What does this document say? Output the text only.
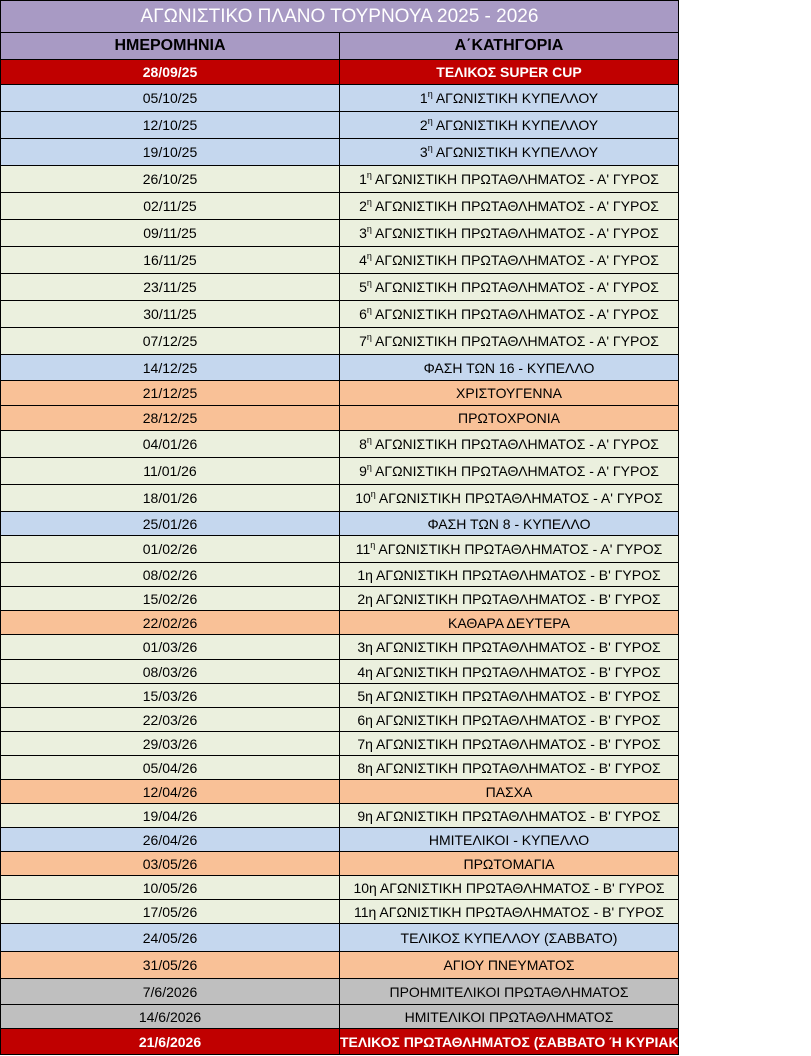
ΑΓΩΝΙΣΤΙΚΟ ΠΛΑΝΟ ΤΟΥΡΝΟΥΑ 2025 - 2026	
ΗΜΕΡΟΜΗΝΙΑ	Α΄ΚΑΤΗΓΟΡΙΑ
28/09/25	ΤΕΛΙΚΟΣ SUPER CUP
05/10/25	$1^\eta$ ΑΓΩΝΙΣΤΙΚΗ ΚΥΠΕΛΛΟΥ
12/10/25	$2^\eta$ ΑΓΩΝΙΣΤΙΚΗ ΚΥΠΕΛΛΟΥ
19/10/25	$3^\eta$ ΑΓΩΝΙΣΤΙΚΗ ΚΥΠΕΛΛΟΥ
26/10/25	$1^\eta$ ΑΓΩΝΙΣΤΙΚΗ ΠΡΩΤΑΘΛΗΜΑΤΟΣ - Α' ΓΥΡΟΣ
02/11/25	$2^\eta$ ΑΓΩΝΙΣΤΙΚΗ ΠΡΩΤΑΘΛΗΜΑΤΟΣ - Α' ΓΥΡΟΣ
09/11/25	$3^\eta$ ΑΓΩΝΙΣΤΙΚΗ ΠΡΩΤΑΘΛΗΜΑΤΟΣ - Α' ΓΥΡΟΣ
16/11/25	$4^\eta$ ΑΓΩΝΙΣΤΙΚΗ ΠΡΩΤΑΘΛΗΜΑΤΟΣ - Α' ΓΥΡΟΣ
23/11/25	$5^\eta$ ΑΓΩΝΙΣΤΙΚΗ ΠΡΩΤΑΘΛΗΜΑΤΟΣ - Α' ΓΥΡΟΣ
30/11/25	$6^\eta$ ΑΓΩΝΙΣΤΙΚΗ ΠΡΩΤΑΘΛΗΜΑΤΟΣ - Α' ΓΥΡΟΣ
07/12/25	$7^\eta$ ΑΓΩΝΙΣΤΙΚΗ ΠΡΩΤΑΘΛΗΜΑΤΟΣ - Α' ΓΥΡΟΣ
14/12/25	ΦΑΣΗ ΤΩΝ 16 - ΚΥΠΕΛΛΟ
21/12/25	ΧΡΙΣΤΟΥΓΕΝΝΑ
28/12/25	ΠΡΩΤΟΧΡΟΝΙΑ
04/01/26	$8^\eta$ ΑΓΩΝΙΣΤΙΚΗ ΠΡΩΤΑΘΛΗΜΑΤΟΣ - Α' ΓΥΡΟΣ
11/01/26	$9^\eta$ ΑΓΩΝΙΣΤΙΚΗ ΠΡΩΤΑΘΛΗΜΑΤΟΣ - Α' ΓΥΡΟΣ
18/01/26	$10^\eta$ ΑΓΩΝΙΣΤΙΚΗ ΠΡΩΤΑΘΛΗΜΑΤΟΣ - Α' ΓΥΡΟΣ
25/01/26	ΦΑΣΗ ΤΩΝ 8 - ΚΥΠΕΛΛΟ
01/02/26	$11^\eta$ ΑΓΩΝΙΣΤΙΚΗ ΠΡΩΤΑΘΛΗΜΑΤΟΣ - Α' ΓΥΡΟΣ
08/02/26	1η ΑΓΩΝΙΣΤΙΚΗ ΠΡΩΤΑΘΛΗΜΑΤΟΣ - Β' ΓΥΡΟΣ
15/02/26	2η ΑΓΩΝΙΣΤΙΚΗ ΠΡΩΤΑΘΛΗΜΑΤΟΣ - Β' ΓΥΡΟΣ
22/02/26	ΚΑΘΑΡΑ ΔΕΥΤΕΡΑ
01/03/26	3η ΑΓΩΝΙΣΤΙΚΗ ΠΡΩΤΑΘΛΗΜΑΤΟΣ - Β' ΓΥΡΟΣ
08/03/26	4η ΑΓΩΝΙΣΤΙΚΗ ΠΡΩΤΑΘΛΗΜΑΤΟΣ - Β' ΓΥΡΟΣ
15/03/26	5η ΑΓΩΝΙΣΤΙΚΗ ΠΡΩΤΑΘΛΗΜΑΤΟΣ - Β' ΓΥΡΟΣ
22/03/26	6η ΑΓΩΝΙΣΤΙΚΗ ΠΡΩΤΑΘΛΗΜΑΤΟΣ - Β' ΓΥΡΟΣ
29/03/26	7η ΑΓΩΝΙΣΤΙΚΗ ΠΡΩΤΑΘΛΗΜΑΤΟΣ - Β' ΓΥΡΟΣ
05/04/26	8η ΑΓΩΝΙΣΤΙΚΗ ΠΡΩΤΑΘΛΗΜΑΤΟΣ - Β' ΓΥΡΟΣ
12/04/26	ΠΑΣΧΑ
19/04/26	9η ΑΓΩΝΙΣΤΙΚΗ ΠΡΩΤΑΘΛΗΜΑΤΟΣ - Β' ΓΥΡΟΣ
26/04/26	ΗΜΙΤΕΛΙΚΟΙ - ΚΥΠΕΛΛΟ
03/05/26	ΠΡΩΤΟΜΑΓΙΑ
10/05/26	10η ΑΓΩΝΙΣΤΙΚΗ ΠΡΩΤΑΘΛΗΜΑΤΟΣ - Β' ΓΥΡΟΣ
17/05/26	11η ΑΓΩΝΙΣΤΙΚΗ ΠΡΩΤΑΘΛΗΜΑΤΟΣ - Β' ΓΥΡΟΣ
24/05/26	ΤΕΛΙΚΟΣ ΚΥΠΕΛΛΟΥ (ΣΑΒΒΑΤΟ)
31/05/26	ΑΓΙΟΥ ΠΝΕΥΜΑΤΟΣ
7/6/2026	ΠΡΟΗΜΙΤΕΛΙΚΟΙ ΠΡΩΤΑΘΛΗΜΑΤΟΣ
14/6/2026	ΗΜΙΤΕΛΙΚΟΙ ΠΡΩΤΑΘΛΗΜΑΤΟΣ
21/6/2026	ΤΕΛΙΚΟΣ ΠΡΩΤΑΘΛΗΜΑΤΟΣ (ΣΑΒΒΑΤΟ Ή ΚΥΡΙΑΚΗ) - ΤΕΛΕΤΗ ΛΗΞΗΣ
